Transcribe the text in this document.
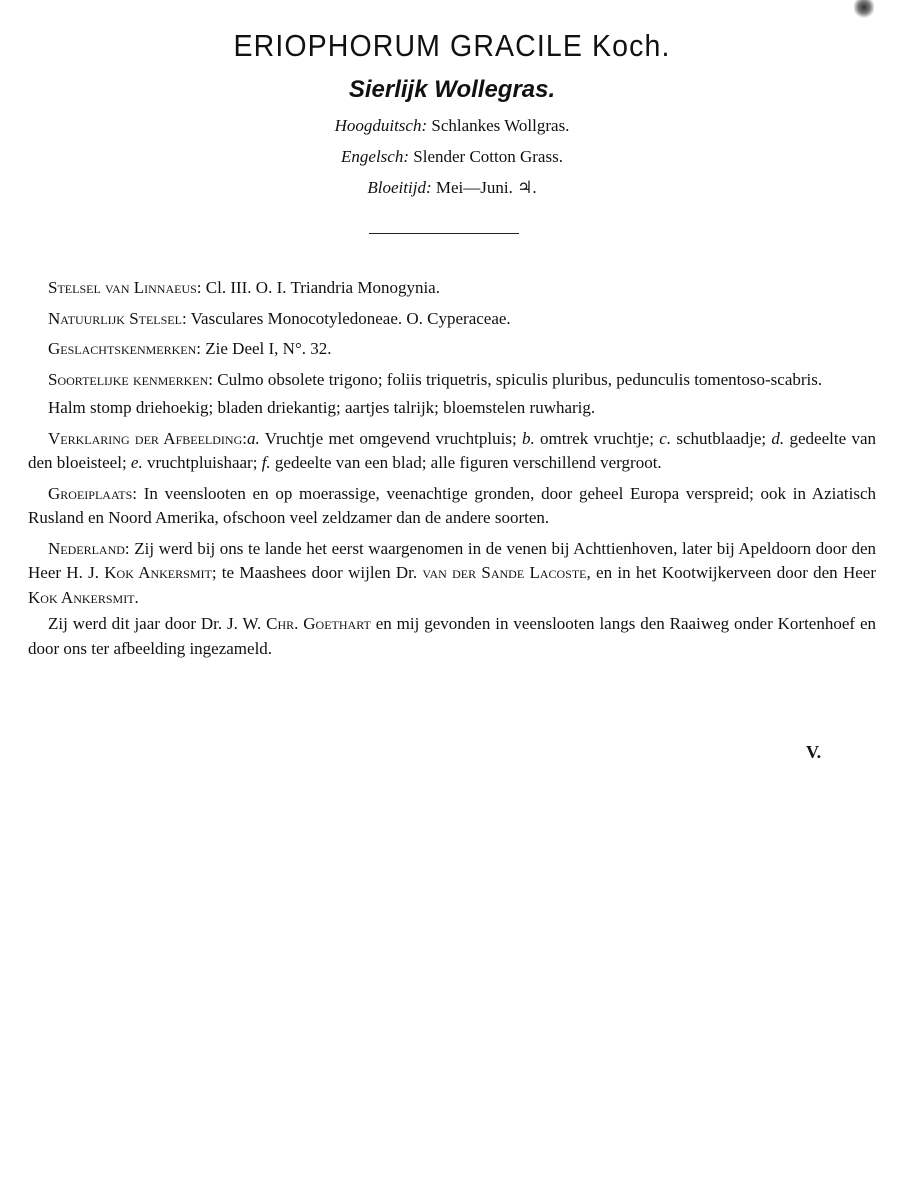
ERIOPHORUM GRACILE Koch.
Sierlijk Wollegras.
Hoogduitsch: Schlankes Wollgras.
Engelsch: Slender Cotton Grass.
Bloeitijd: Mei—Juni. ♃.

Stelsel van Linnaeus: Cl. III. O. I. Triandria Monogynia.

Natuurlijk Stelsel: Vasculares Monocotyledoneae. O. Cyperaceae.

Geslachtskenmerken: Zie Deel I, N°. 32.

Soortelijke kenmerken: Culmo obsolete trigono; foliis triquetris, spiculis pluribus, pedunculis tomentoso-scabris.

Halm stomp driehoekig; bladen driekantig; aartjes talrijk; bloemstelen ruwharig.

Verklaring der Afbeelding:a. Vruchtje met omgevend vruchtpluis; b. omtrek vruchtje; c. schutblaadje; d. gedeelte van den bloeisteel; e. vruchtpluishaar; f. gedeelte van een blad; alle figuren verschillend vergroot.

Groeiplaats: In veenslooten en op moerassige, veenachtige gronden, door geheel Europa verspreid; ook in Aziatisch Rusland en Noord Amerika, ofschoon veel zeldzamer dan de andere soorten.

Nederland: Zij werd bij ons te lande het eerst waargenomen in de venen bij Achttienhoven, later bij Apeldoorn door den Heer H. J. Kok Ankersmit; te Maashees door wijlen Dr. van der Sande Lacoste, en in het Kootwijkerveen door den Heer Kok Ankersmit.

Zij werd dit jaar door Dr. J. W. Chr. Goethart en mij gevonden in veenslooten langs den Raaiweg onder Kortenhoef en door ons ter afbeelding ingezameld.

V.
